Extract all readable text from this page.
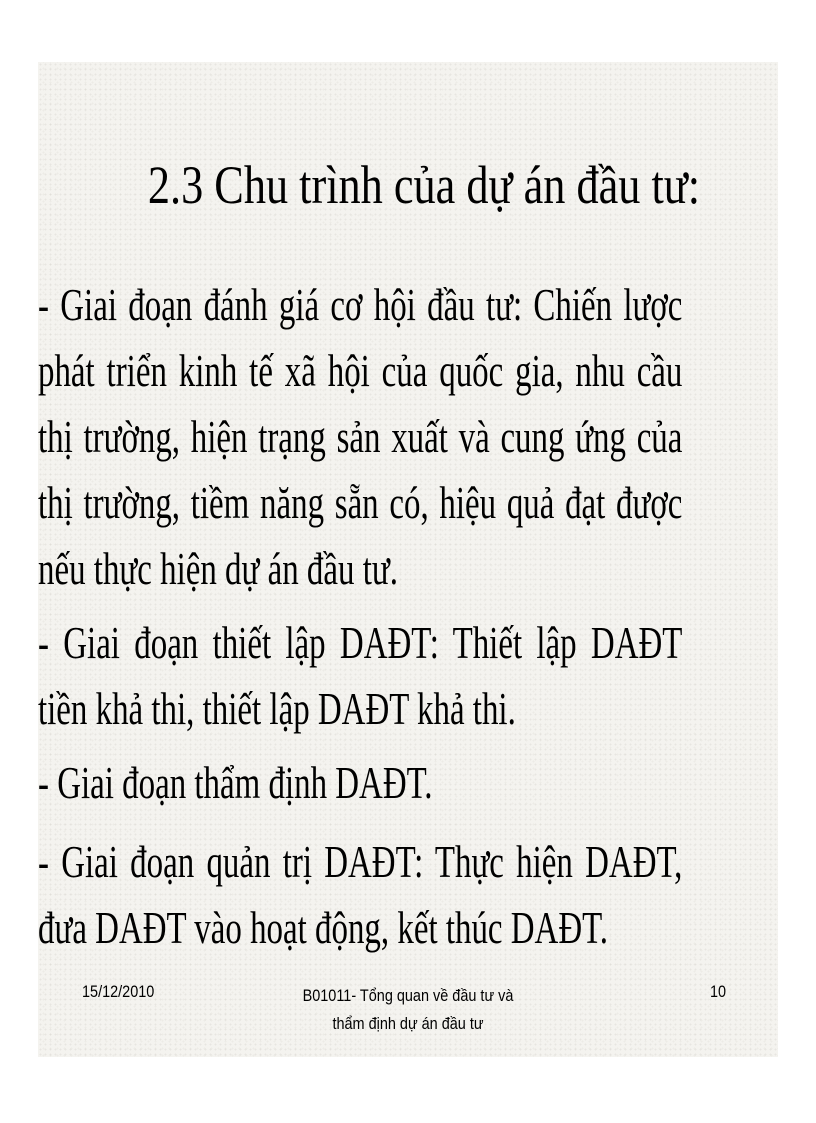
2.3 Chu trình của dự án đầu tư:

- Giai đoạn đánh giá cơ hội đầu tư: Chiến lược phát triển kinh tế xã hội của quốc gia, nhu cầu thị trường, hiện trạng sản xuất và cung ứng của thị trường, tiềm năng sẵn có, hiệu quả đạt được nếu thực hiện dự án đầu tư.

- Giai đoạn thiết lập DAĐT: Thiết lập DAĐT tiền khả thi, thiết lập DAĐT khả thi.

- Giai đoạn thẩm định DAĐT.

- Giai đoạn quản trị DAĐT: Thực hiện DAĐT, đưa DAĐT vào hoạt động, kết thúc DAĐT.

15/12/2010	B01011- Tổng quan về đầu tư và
thẩm định dự án đầu tư
10
